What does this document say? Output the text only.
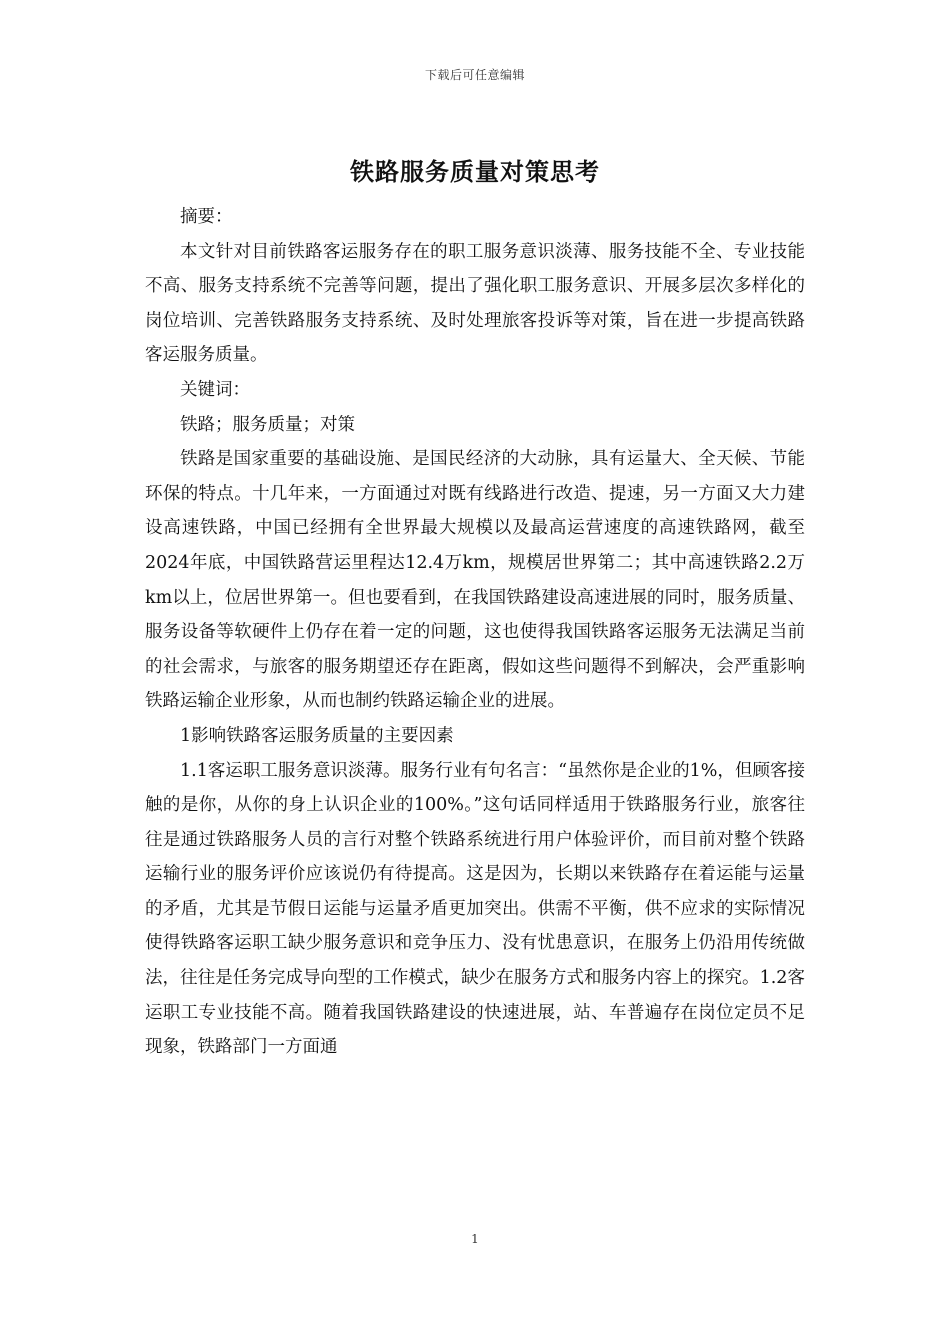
下载后可任意编辑
铁路服务质量对策思考

摘要：

本文针对目前铁路客运服务存在的职工服务意识淡薄、服务技能不全、专业技能不高、服务支持系统不完善等问题，提出了强化职工服务意识、开展多层次多样化的岗位培训、完善铁路服务支持系统、及时处理旅客投诉等对策，旨在进一步提高铁路客运服务质量。

关键词：

铁路；服务质量；对策

铁路是国家重要的基础设施、是国民经济的大动脉，具有运量大、全天候、节能环保的特点。十几年来，一方面通过对既有线路进行改造、提速，另一方面又大力建设高速铁路，中国已经拥有全世界最大规模以及最高运营速度的高速铁路网，截至2024年底，中国铁路营运里程达12.4万km，规模居世界第二；其中高速铁路2.2万km以上，位居世界第一。但也要看到，在我国铁路建设高速进展的同时，服务质量、服务设备等软硬件上仍存在着一定的问题，这也使得我国铁路客运服务无法满足当前的社会需求，与旅客的服务期望还存在距离，假如这些问题得不到解决，会严重影响铁路运输企业形象，从而也制约铁路运输企业的进展。

1影响铁路客运服务质量的主要因素

1.1客运职工服务意识淡薄。服务行业有句名言：“虽然你是企业的1%，但顾客接触的是你，从你的身上认识企业的100%。”这句话同样适用于铁路服务行业，旅客往往是通过铁路服务人员的言行对整个铁路系统进行用户体验评价，而目前对整个铁路运输行业的服务评价应该说仍有待提高。这是因为，长期以来铁路存在着运能与运量的矛盾，尤其是节假日运能与运量矛盾更加突出。供需不平衡，供不应求的实际情况使得铁路客运职工缺少服务意识和竞争压力、没有忧患意识，在服务上仍沿用传统做法，往往是任务完成导向型的工作模式，缺少在服务方式和服务内容上的探究。1.2客运职工专业技能不高。随着我国铁路建设的快速进展，站、车普遍存在岗位定员不足现象，铁路部门一方面通

1
